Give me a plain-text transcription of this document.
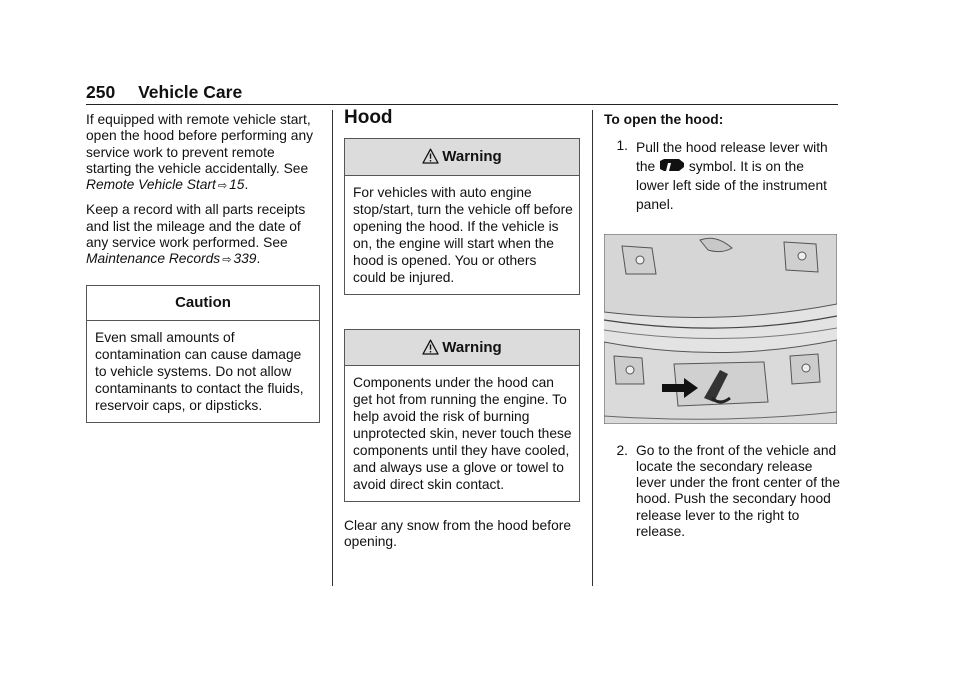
250 Vehicle Care

If equipped with remote vehicle start, open the hood before performing any service work to prevent remote starting the vehicle accidentally. See Remote Vehicle Start ⇨ 15.

Keep a record with all parts receipts and list the mileage and the date of any service work performed. See Maintenance Records ⇨ 339.

Caution
Even small amounts of contamination can cause damage to vehicle systems. Do not allow contaminants to contact the fluids, reservoir caps, or dipsticks.
Hood
Warning
For vehicles with auto engine stop/start, turn the vehicle off before opening the hood. If the vehicle is on, the engine will start when the hood is opened. You or others could be injured.
Warning
Components under the hood can get hot from running the engine. To help avoid the risk of burning unprotected skin, never touch these components until they have cooled, and always use a glove or towel to avoid direct skin contact.

Clear any snow from the hood before opening.

To open the hood:
1. Pull the hood release lever with the symbol. It is on the lower left side of the instrument panel.
2. Go to the front of the vehicle and locate the secondary release lever under the front center of the hood. Push the secondary hood release lever to the right to release.
